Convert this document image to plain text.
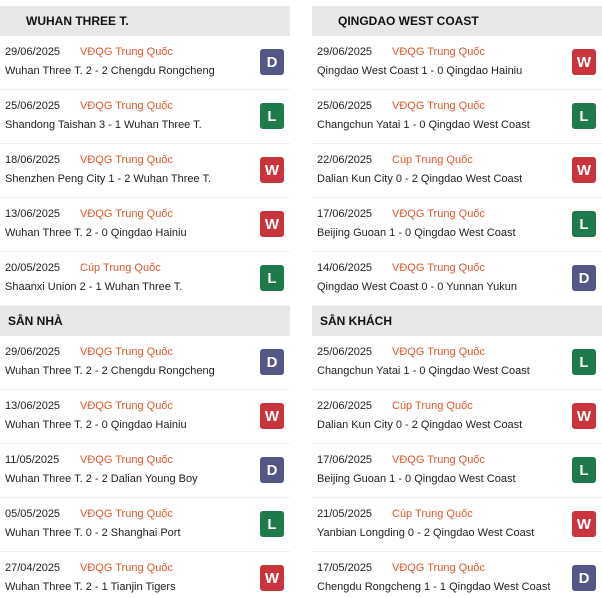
WUHAN THREE T.
29/06/2025 VĐQG Trung Quốc
Wuhan Three T. 2 - 2 Chengdu Rongcheng
D
25/06/2025 VĐQG Trung Quốc
Shandong Taishan 3 - 1 Wuhan Three T.
L
18/06/2025 VĐQG Trung Quốc
Shenzhen Peng City 1 - 2 Wuhan Three T.
W
13/06/2025 VĐQG Trung Quốc
Wuhan Three T. 2 - 0 Qingdao Hainiu
W
20/05/2025 Cúp Trung Quốc
Shaanxi Union 2 - 1 Wuhan Three T.
L
QINGDAO WEST COAST
29/06/2025 VĐQG Trung Quốc
Qingdao West Coast 1 - 0 Qingdao Hainiu
W
25/06/2025 VĐQG Trung Quốc
Changchun Yatai 1 - 0 Qingdao West Coast
L
22/06/2025 Cúp Trung Quốc
Dalian Kun City 0 - 2 Qingdao West Coast
W
17/06/2025 VĐQG Trung Quốc
Beijing Guoan 1 - 0 Qingdao West Coast
L
14/06/2025 VĐQG Trung Quốc
Qingdao West Coast 0 - 0 Yunnan Yukun
D
SÂN NHÀ
29/06/2025 VĐQG Trung Quốc
Wuhan Three T. 2 - 2 Chengdu Rongcheng
D
13/06/2025 VĐQG Trung Quốc
Wuhan Three T. 2 - 0 Qingdao Hainiu
W
11/05/2025 VĐQG Trung Quốc
Wuhan Three T. 2 - 2 Dalian Young Boy
D
05/05/2025 VĐQG Trung Quốc
Wuhan Three T. 0 - 2 Shanghai Port
L
27/04/2025 VĐQG Trung Quốc
Wuhan Three T. 2 - 1 Tianjin Tigers
W
SÂN KHÁCH
25/06/2025 VĐQG Trung Quốc
Changchun Yatai 1 - 0 Qingdao West Coast
L
22/06/2025 Cúp Trung Quốc
Dalian Kun City 0 - 2 Qingdao West Coast
W
17/06/2025 VĐQG Trung Quốc
Beijing Guoan 1 - 0 Qingdao West Coast
L
21/05/2025 Cúp Trung Quốc
Yanbian Longding 0 - 2 Qingdao West Coast
W
17/05/2025 VĐQG Trung Quốc
Chengdu Rongcheng 1 - 1 Qingdao West Coast
D
